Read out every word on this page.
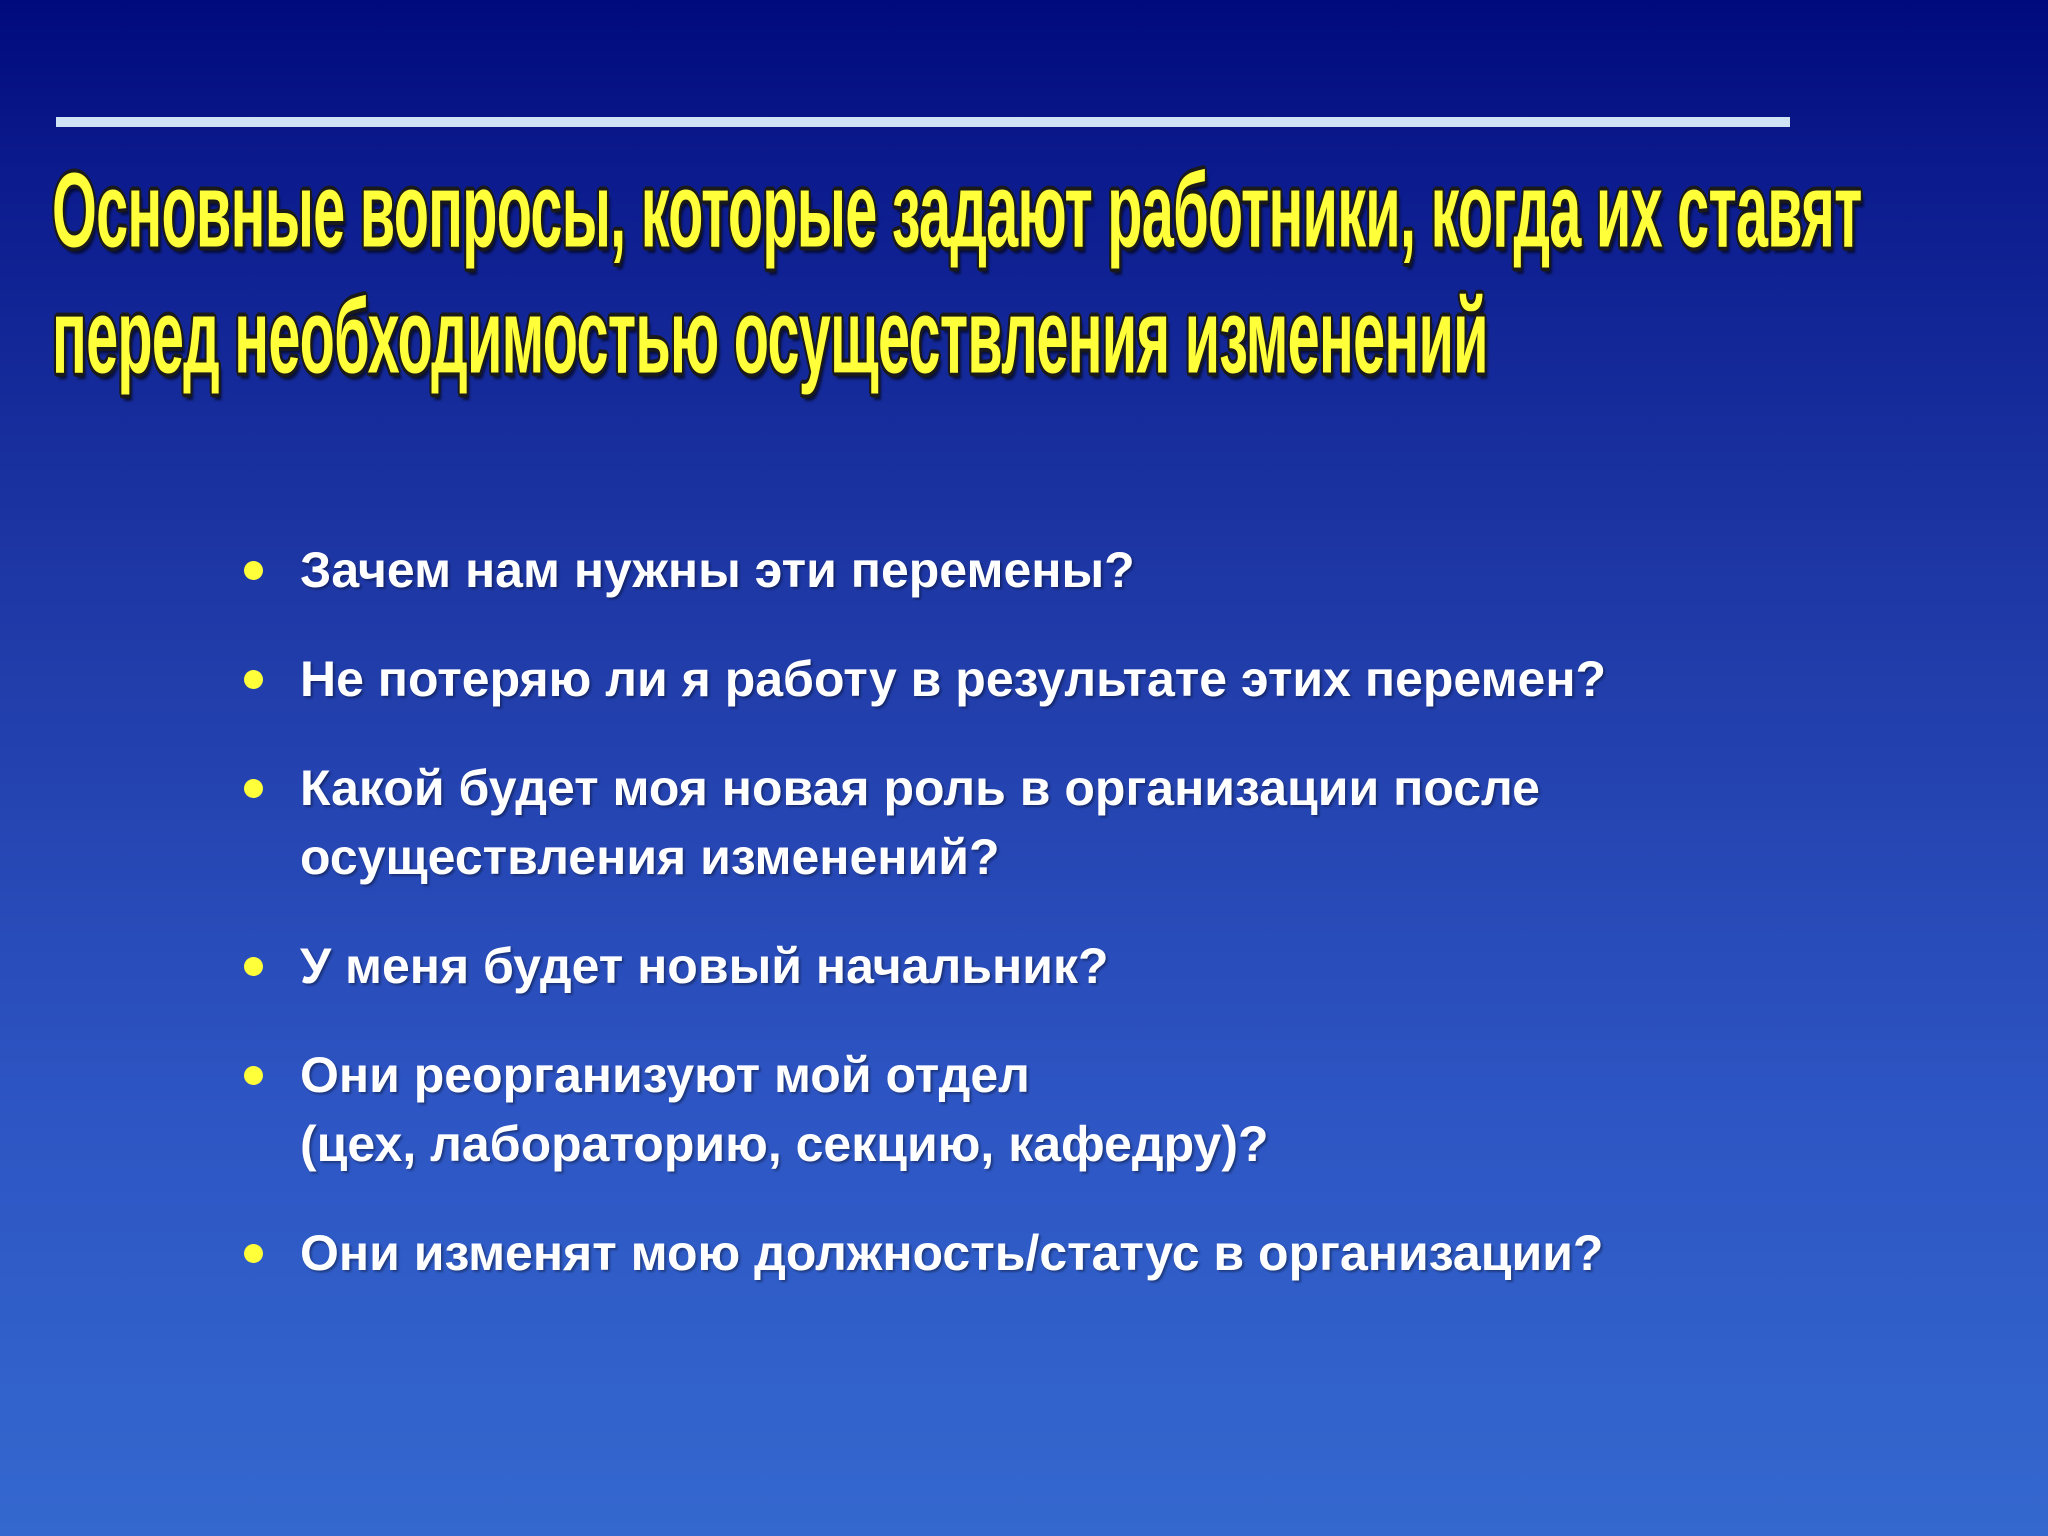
Основные вопросы, которые задают работники, когда их ставят
перед необходимостью осуществления изменений
Зачем нам нужны эти перемены?
Не потеряю ли я работу в результате этих перемен?
Какой будет моя новая роль в организации после
осуществления изменений?
У меня будет новый начальник?
Они реорганизуют мой отдел
(цех, лабораторию, секцию, кафедру)?
Они изменят мою должность/статус в организации?
